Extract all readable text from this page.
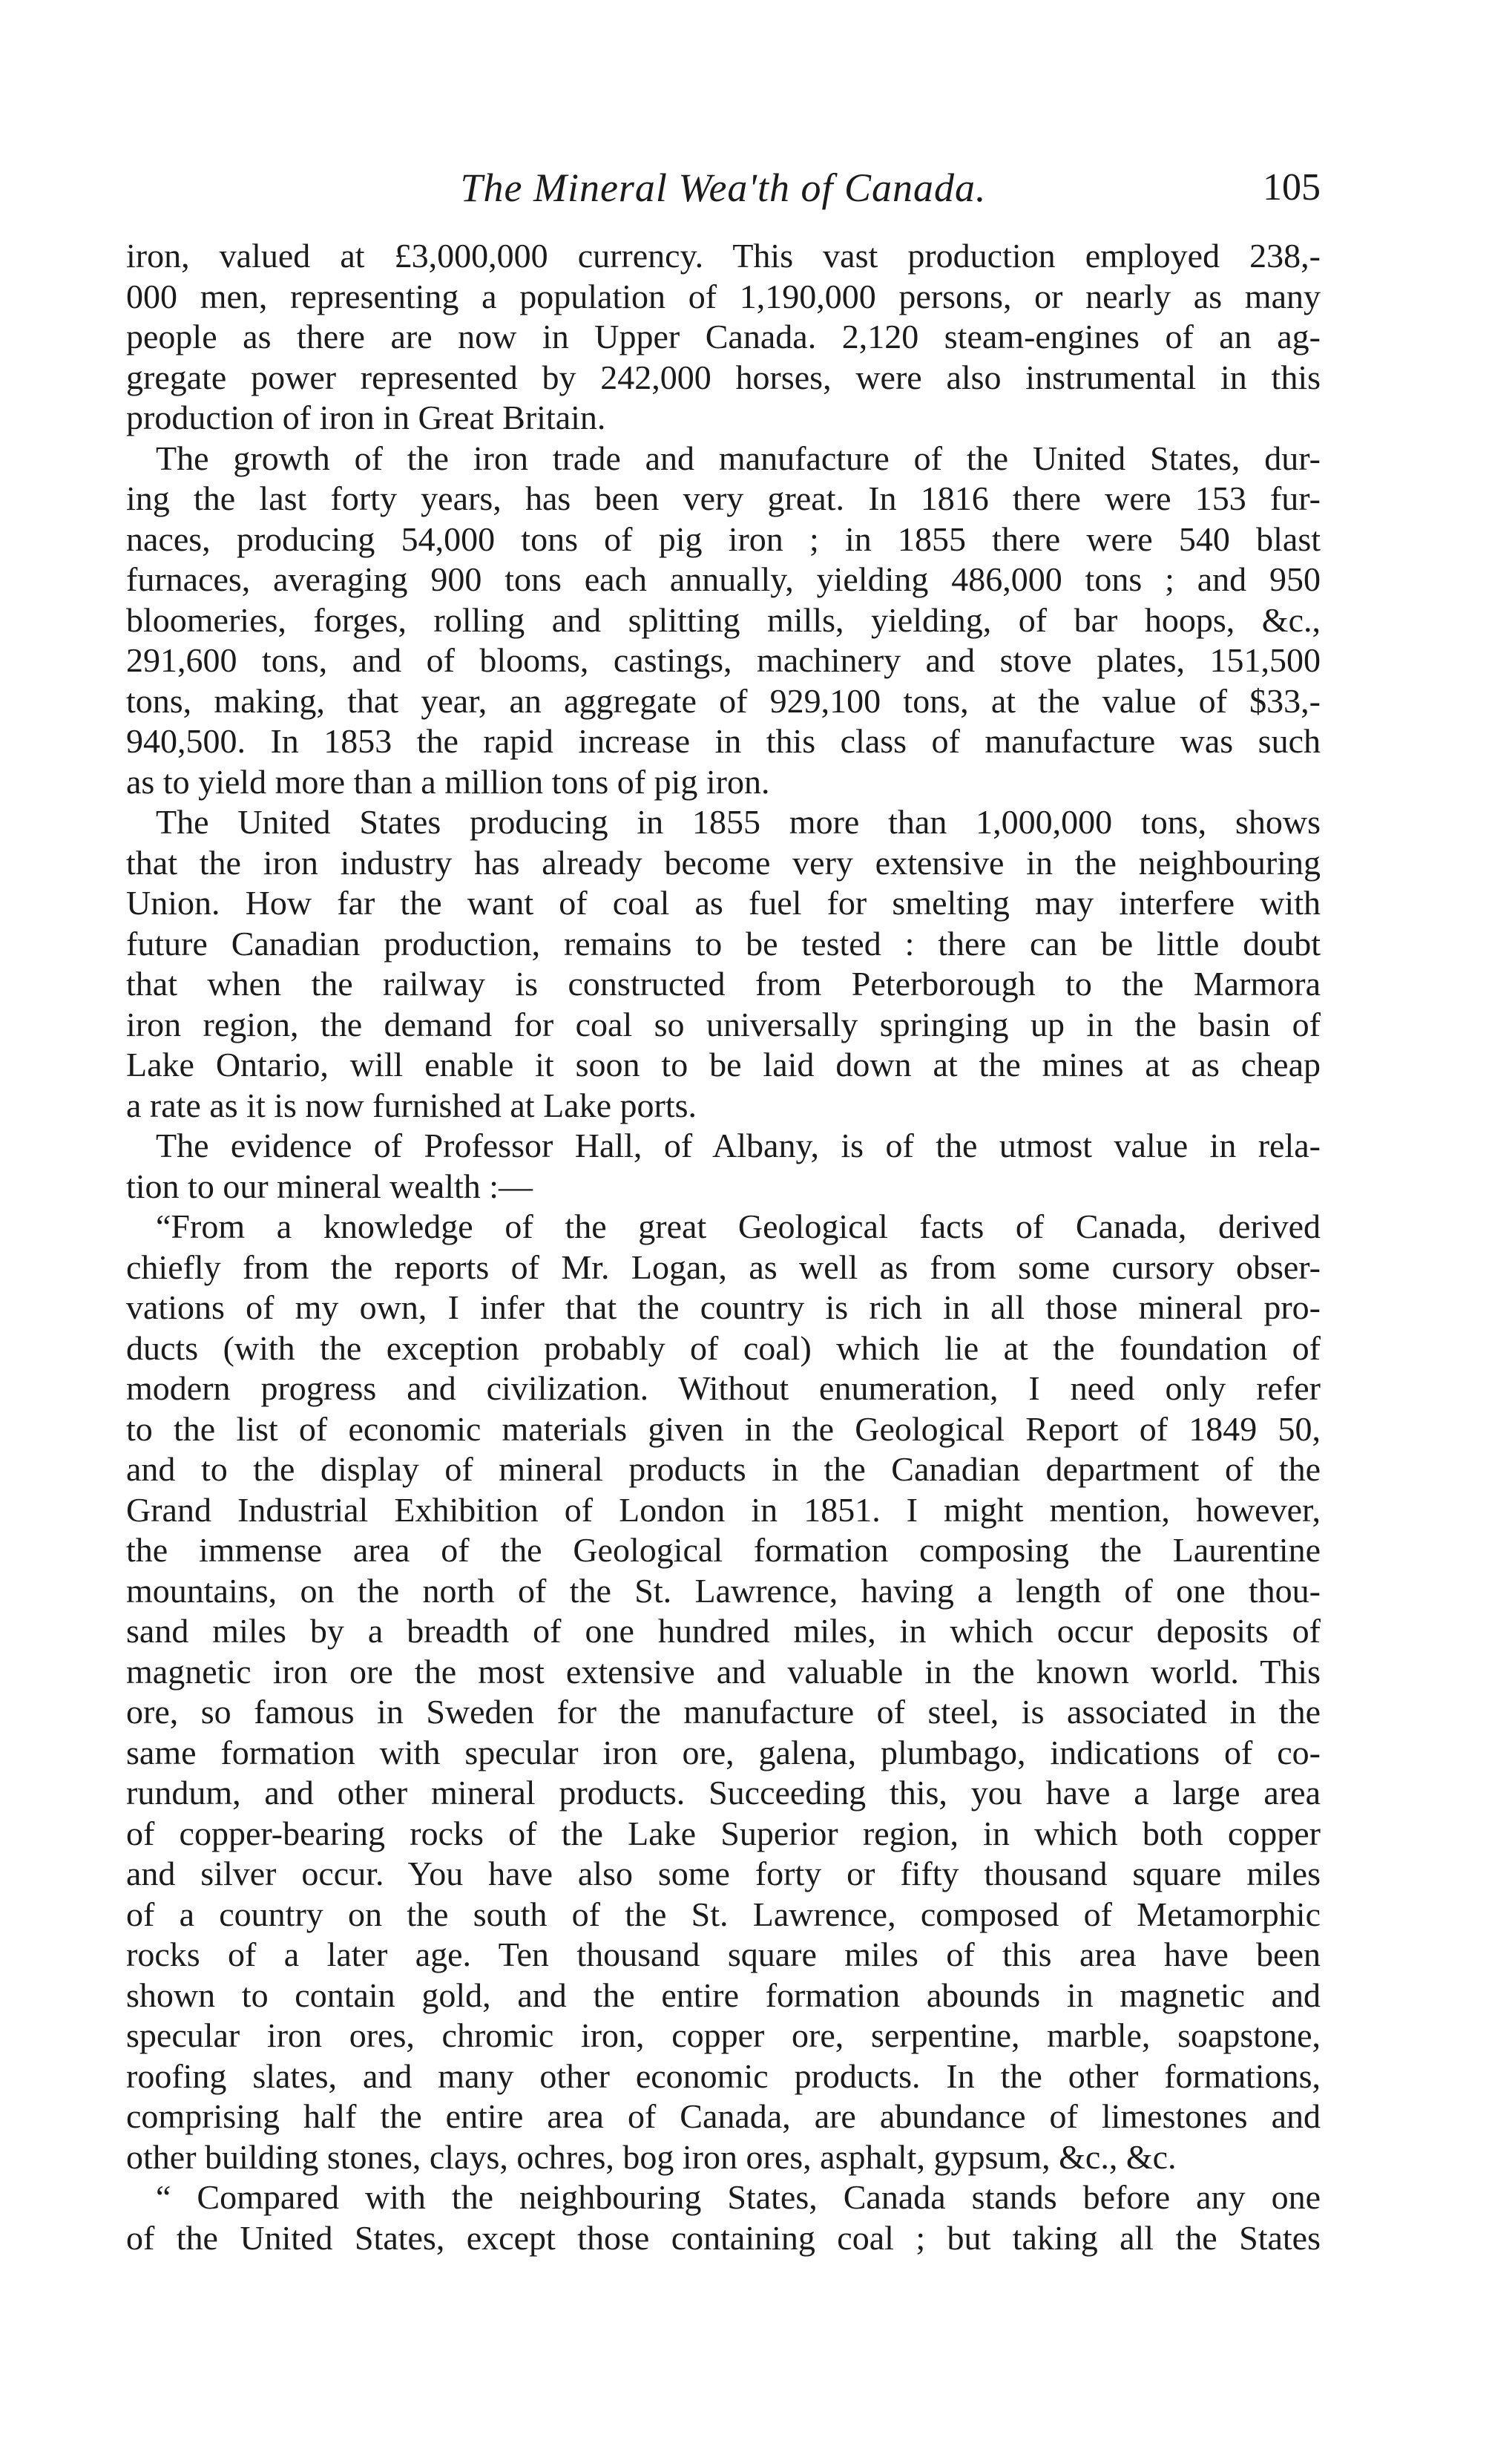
The Mineral Wea'th of Canada.	105

iron, valued at £3,000,000 currency. This vast production employed 238,-

000 men, representing a population of 1,190,000 persons, or nearly as many

people as there are now in Upper Canada. 2,120 steam-engines of an ag-

gregate power represented by 242,000 horses, were also instrumental in this

production of iron in Great Britain.

The growth of the iron trade and manufacture of the United States, dur-

ing the last forty years, has been very great. In 1816 there were 153 fur-

naces, producing 54,000 tons of pig iron ; in 1855 there were 540 blast

furnaces, averaging 900 tons each annually, yielding 486,000 tons ; and 950

bloomeries, forges, rolling and splitting mills, yielding, of bar hoops, &c.,

291,600 tons, and of blooms, castings, machinery and stove plates, 151,500

tons, making, that year, an aggregate of 929,100 tons, at the value of $33,-

940,500. In 1853 the rapid increase in this class of manufacture was such

as to yield more than a million tons of pig iron.

The United States producing in 1855 more than 1,000,000 tons, shows

that the iron industry has already become very extensive in the neighbouring

Union. How far the want of coal as fuel for smelting may interfere with

future Canadian production, remains to be tested : there can be little doubt

that when the railway is constructed from Peterborough to the Marmora

iron region, the demand for coal so universally springing up in the basin of

Lake Ontario, will enable it soon to be laid down at the mines at as cheap

a rate as it is now furnished at Lake ports.

The evidence of Professor Hall, of Albany, is of the utmost value in rela-

tion to our mineral wealth :—

“From a knowledge of the great Geological facts of Canada, derived

chiefly from the reports of Mr. Logan, as well as from some cursory obser-

vations of my own, I infer that the country is rich in all those mineral pro-

ducts (with the exception probably of coal) which lie at the foundation of

modern progress and civilization. Without enumeration, I need only refer

to the list of economic materials given in the Geological Report of 1849 50,

and to the display of mineral products in the Canadian department of the

Grand Industrial Exhibition of London in 1851. I might mention, however,

the immense area of the Geological formation composing the Laurentine

mountains, on the north of the St. Lawrence, having a length of one thou-

sand miles by a breadth of one hundred miles, in which occur deposits of

magnetic iron ore the most extensive and valuable in the known world. This

ore, so famous in Sweden for the manufacture of steel, is associated in the

same formation with specular iron ore, galena, plumbago, indications of co-

rundum, and other mineral products. Succeeding this, you have a large area

of copper-bearing rocks of the Lake Superior region, in which both copper

and silver occur. You have also some forty or fifty thousand square miles

of a country on the south of the St. Lawrence, composed of Metamorphic

rocks of a later age. Ten thousand square miles of this area have been

shown to contain gold, and the entire formation abounds in magnetic and

specular iron ores, chromic iron, copper ore, serpentine, marble, soapstone,

roofing slates, and many other economic products. In the other formations,

comprising half the entire area of Canada, are abundance of limestones and

other building stones, clays, ochres, bog iron ores, asphalt, gypsum, &c., &c.

“ Compared with the neighbouring States, Canada stands before any one

of the United States, except those containing coal ; but taking all the States
